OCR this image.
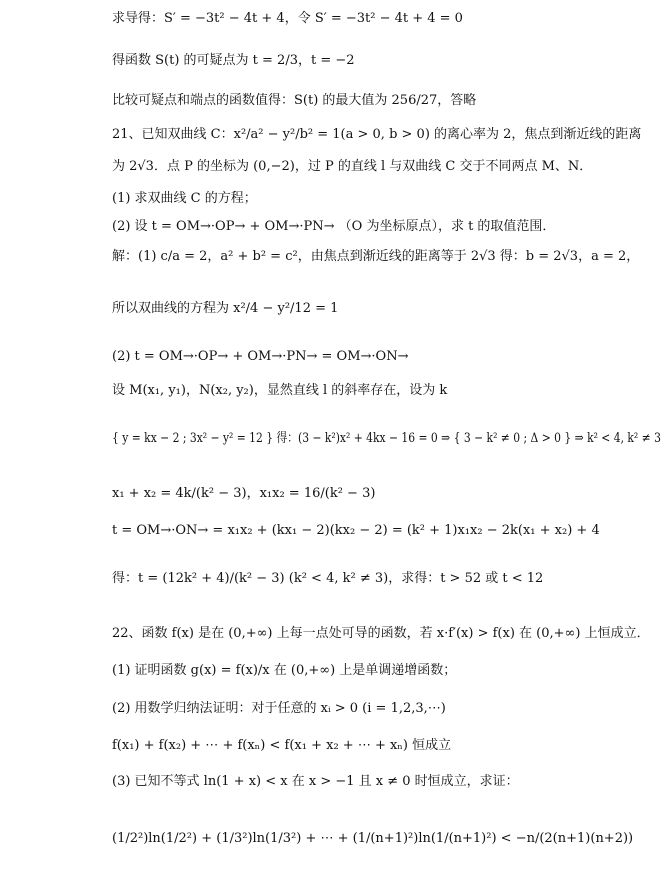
求导得：S′ = −3t² − 4t + 4，令 S′ = −3t² − 4t + 4 = 0
得函数 S(t) 的可疑点为 t = 2/3，t = −2
比较可疑点和端点的函数值得：S(t) 的最大值为 256/27，答略
21、已知双曲线 C：x²/a² − y²/b² = 1(a > 0, b > 0) 的离心率为 2，焦点到渐近线的距离
为 2√3．点 P 的坐标为 (0,−2)，过 P 的直线 l 与双曲线 C 交于不同两点 M、N．
(1) 求双曲线 C 的方程；
(2) 设 t = OM→·OP→ + OM→·PN→ （O 为坐标原点），求 t 的取值范围．
解：(1) c/a = 2，a² + b² = c²，由焦点到渐近线的距离等于 2√3 得：b = 2√3，a = 2，
所以双曲线的方程为 x²/4 − y²/12 = 1
(2) t = OM→·OP→ + OM→·PN→ = OM→·ON→
设 M(x₁, y₁)，N(x₂, y₂)，显然直线 l 的斜率存在，设为 k
{ y = kx − 2 ; 3x² − y² = 12 } 得：(3 − k²)x² + 4kx − 16 = 0 ⇒ { 3 − k² ≠ 0 ; Δ > 0 } ⇒ k² < 4, k² ≠ 3
x₁ + x₂ = 4k/(k² − 3)，x₁x₂ = 16/(k² − 3)
t = OM→·ON→ = x₁x₂ + (kx₁ − 2)(kx₂ − 2) = (k² + 1)x₁x₂ − 2k(x₁ + x₂) + 4
得：t = (12k² + 4)/(k² − 3) (k² < 4, k² ≠ 3)，求得：t > 52 或 t < 12
22、函数 f(x) 是在 (0,+∞) 上每一点处可导的函数，若 x·f′(x) > f(x) 在 (0,+∞) 上恒成立．
(1) 证明函数 g(x) = f(x)/x 在 (0,+∞) 上是单调递增函数；
(2) 用数学归纳法证明：对于任意的 xᵢ > 0 (i = 1,2,3,⋯)
f(x₁) + f(x₂) + ⋯ + f(xₙ) < f(x₁ + x₂ + ⋯ + xₙ) 恒成立
(3) 已知不等式 ln(1 + x) < x 在 x > −1 且 x ≠ 0 时恒成立，求证：
(1/2²)ln(1/2²) + (1/3²)ln(1/3²) + ⋯ + (1/(n+1)²)ln(1/(n+1)²) < −n/(2(n+1)(n+2))
